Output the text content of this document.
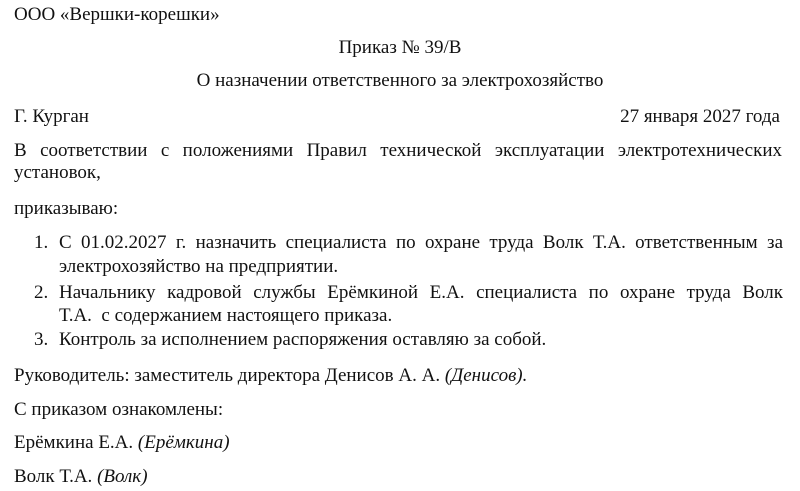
ООО «Вершки-корешки»
Приказ № 39/В
О назначении ответственного за электрохозяйство
Г. Курган	27 января 2027 года
В соответствии с положениями Правил технической эксплуатации электротехнических
установок,
приказываю:
1. С 01.02.2027 г. назначить специалиста по охране труда Волк Т.А. ответственным за
электрохозяйство на предприятии.
2. Начальнику кадровой службы Ерёмкиной Е.А. специалиста по охране труда Волк
Т.А.  с содержанием настоящего приказа.
3. Контроль за исполнением распоряжения оставляю за собой.
Руководитель: заместитель директора Денисов А. А. (Денисов).
С приказом ознакомлены:
Ерёмкина Е.А. (Ерёмкина)
Волк Т.А. (Волк)
